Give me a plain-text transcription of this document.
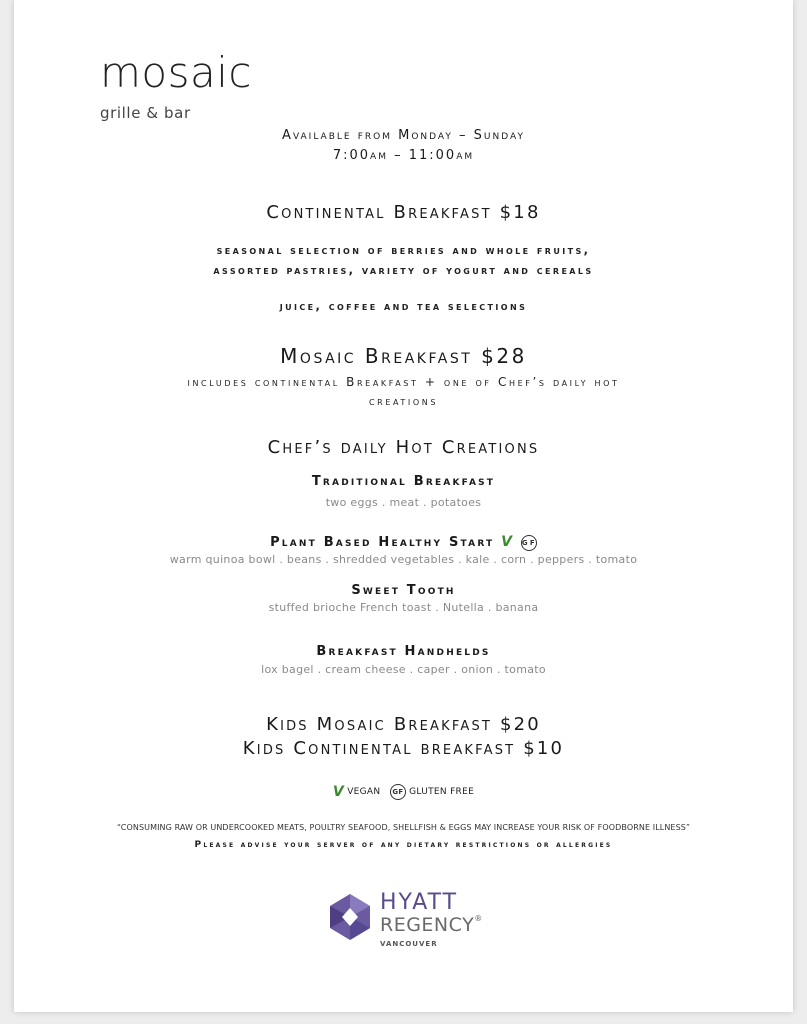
mosaic
grille & bar
Available from Monday – Sunday
7:00am – 11:00am
Continental Breakfast $18
seasonal selection of berries and whole fruits,
assorted pastries, variety of yogurt and cereals
juice, coffee and tea selections
Mosaic Breakfast $28
includes continental Breakfast + one of Chef’s daily hot
creations
Chef’s daily Hot Creations
Traditional Breakfast
two eggs . meat . potatoes
Plant Based Healthy Start V GF
warm quinoa bowl . beans . shredded vegetables . kale . corn . peppers . tomato
Sweet Tooth
stuffed brioche French toast . Nutella . banana
Breakfast Handhelds
lox bagel . cream cheese . caper . onion . tomato
Kids Mosaic Breakfast $20
Kids Continental breakfast $10
V VEGAN GF GLUTEN FREE
“CONSUMING RAW OR UNDERCOOKED MEATS, POULTRY SEAFOOD, SHELLFISH & EGGS MAY INCREASE YOUR RISK OF FOODBORNE ILLNESS”
Please advise your server of any dietary restrictions or allergies
HYATT
REGENCY®
VANCOUVER
